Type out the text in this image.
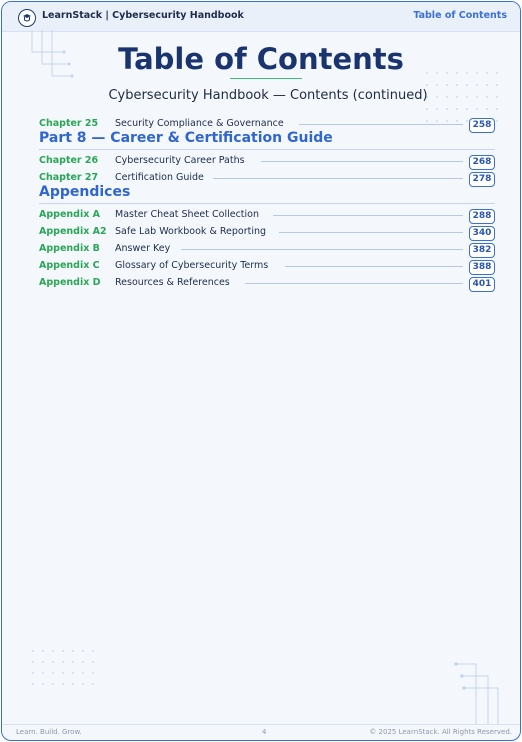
LearnStack | Cybersecurity Handbook	Table of Contents
Table of Contents
Cybersecurity Handbook — Contents (continued)
Chapter 25 Security Compliance & Governance	258
Part 8 — Career & Certification Guide
Chapter 26 Cybersecurity Career Paths	268
Chapter 27 Certification Guide	278
Appendices
Appendix A Master Cheat Sheet Collection	288
Appendix A2 Safe Lab Workbook & Reporting	340
Appendix B Answer Key	382
Appendix C Glossary of Cybersecurity Terms	388
Appendix D Resources & References	401
Learn. Build. Grow.	4	© 2025 LearnStack. All Rights Reserved.
